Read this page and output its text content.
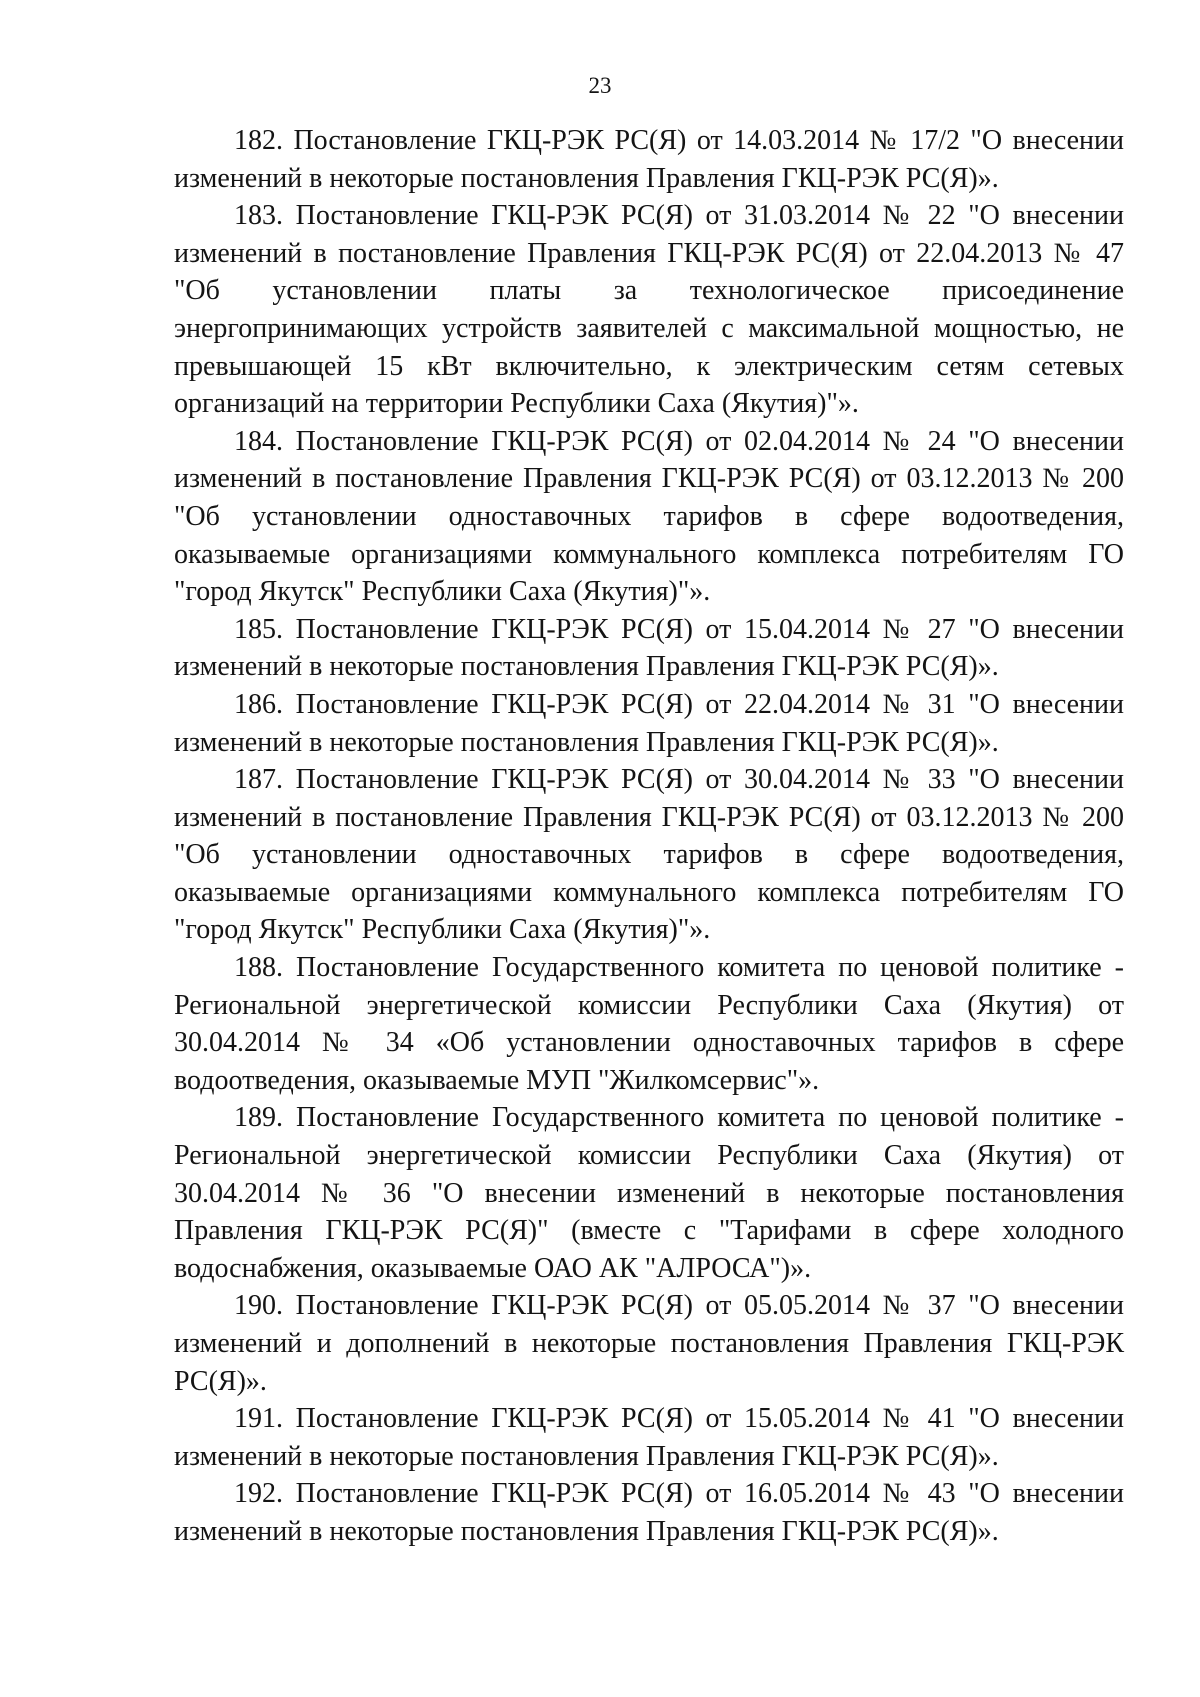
23

182. Постановление ГКЦ-РЭК РС(Я) от 14.03.2014 № 17/2 "О внесении изменений в некоторые постановления Правления ГКЦ-РЭК РС(Я)».

183. Постановление ГКЦ-РЭК РС(Я) от 31.03.2014 № 22 "О внесении изменений в постановление Правления ГКЦ-РЭК РС(Я) от 22.04.2013 № 47 "Об установлении платы за технологическое присоединение энергопринимающих устройств заявителей с максимальной мощностью, не превышающей 15 кВт включительно, к электрическим сетям сетевых организаций на территории Республики Саха (Якутия)"».

184. Постановление ГКЦ-РЭК РС(Я) от 02.04.2014 № 24 "О внесении изменений в постановление Правления ГКЦ-РЭК РС(Я) от 03.12.2013 № 200 "Об установлении одноставочных тарифов в сфере водоотведения, оказываемые организациями коммунального комплекса потребителям ГО "город Якутск" Республики Саха (Якутия)"».

185. Постановление ГКЦ-РЭК РС(Я) от 15.04.2014 № 27 "О внесении изменений в некоторые постановления Правления ГКЦ-РЭК РС(Я)».

186. Постановление ГКЦ-РЭК РС(Я) от 22.04.2014 № 31 "О внесении изменений в некоторые постановления Правления ГКЦ-РЭК РС(Я)».

187. Постановление ГКЦ-РЭК РС(Я) от 30.04.2014 № 33 "О внесении изменений в постановление Правления ГКЦ-РЭК РС(Я) от 03.12.2013 № 200 "Об установлении одноставочных тарифов в сфере водоотведения, оказываемые организациями коммунального комплекса потребителям ГО "город Якутск" Республики Саха (Якутия)"».

188. Постановление Государственного комитета по ценовой политике - Региональной энергетической комиссии Республики Саха (Якутия) от 30.04.2014 № 34 «Об установлении одноставочных тарифов в сфере водоотведения, оказываемые МУП "Жилкомсервис"».

189. Постановление Государственного комитета по ценовой политике - Региональной энергетической комиссии Республики Саха (Якутия) от 30.04.2014 № 36 "О внесении изменений в некоторые постановления Правления ГКЦ-РЭК РС(Я)" (вместе с "Тарифами в сфере холодного водоснабжения, оказываемые ОАО АК "АЛРОСА")».

190. Постановление ГКЦ-РЭК РС(Я) от 05.05.2014 № 37 "О внесении изменений и дополнений в некоторые постановления Правления ГКЦ-РЭК РС(Я)».

191. Постановление ГКЦ-РЭК РС(Я) от 15.05.2014 № 41 "О внесении изменений в некоторые постановления Правления ГКЦ-РЭК РС(Я)».

192. Постановление ГКЦ-РЭК РС(Я) от 16.05.2014 № 43 "О внесении изменений в некоторые постановления Правления ГКЦ-РЭК РС(Я)».
